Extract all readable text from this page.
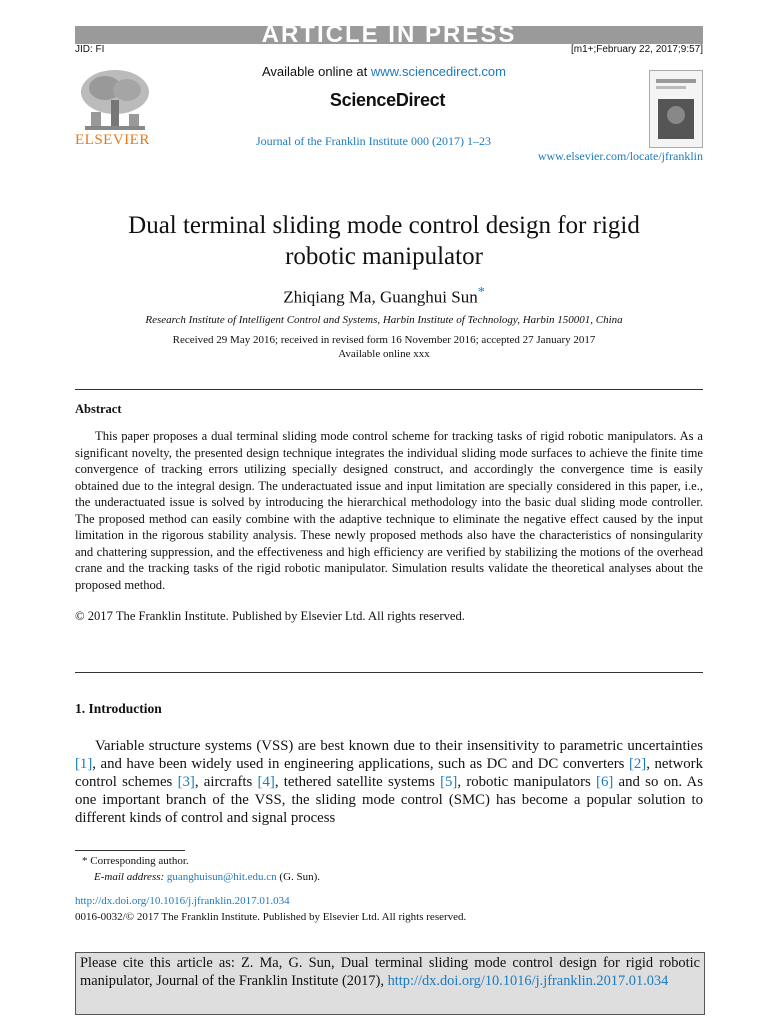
ARTICLE IN PRESS
JID: FI	[m1+;February 22, 2017;9:57]
ELSEVIER
Available online at www.sciencedirect.com
ScienceDirect
Journal of the Franklin Institute 000 (2017) 1–23
www.elsevier.com/locate/jfranklin
Dual terminal sliding mode control design for rigid
robotic manipulator
Zhiqiang Ma, Guanghui Sun*
Research Institute of Intelligent Control and Systems, Harbin Institute of Technology, Harbin 150001, China
Received 29 May 2016; received in revised form 16 November 2016; accepted 27 January 2017
Available online xxx
Abstract
This paper proposes a dual terminal sliding mode control scheme for tracking tasks of rigid robotic manipulators. As a significant novelty, the presented design technique integrates the individual sliding mode surfaces to achieve the finite time convergence of tracking errors utilizing specially designed construct, and accordingly the convergence time is easily obtained due to the integral design. The underactuated issue and input limitation are specially considered in this paper, i.e., the underactuated issue is solved by introducing the hierarchical methodology into the basic dual sliding mode controller. The proposed method can easily combine with the adaptive technique to eliminate the negative effect caused by the input limitation in the rigorous stability analysis. These newly proposed methods also have the characteristics of nonsingularity and chattering suppression, and the effectiveness and high efficiency are verified by stabilizing the motions of the overhead crane and the tracking tasks of the rigid robotic manipulator. Simulation results validate the theoretical analyses about the proposed method.
© 2017 The Franklin Institute. Published by Elsevier Ltd. All rights reserved.
1. Introduction
Variable structure systems (VSS) are best known due to their insensitivity to parametric uncertainties [1], and have been widely used in engineering applications, such as DC and DC converters [2], network control schemes [3], aircrafts [4], tethered satellite systems [5], robotic manipulators [6] and so on. As one important branch of the VSS, the sliding mode control (SMC) has become a popular solution to different kinds of control and signal process
* Corresponding author.
E-mail address: guanghuisun@hit.edu.cn (G. Sun).
http://dx.doi.org/10.1016/j.jfranklin.2017.01.034
0016-0032/© 2017 The Franklin Institute. Published by Elsevier Ltd. All rights reserved.
Please cite this article as: Z. Ma, G. Sun, Dual terminal sliding mode control design for rigid robotic manipulator, Journal of the Franklin Institute (2017), http://dx.doi.org/10.1016/j.jfranklin.2017.01.034
